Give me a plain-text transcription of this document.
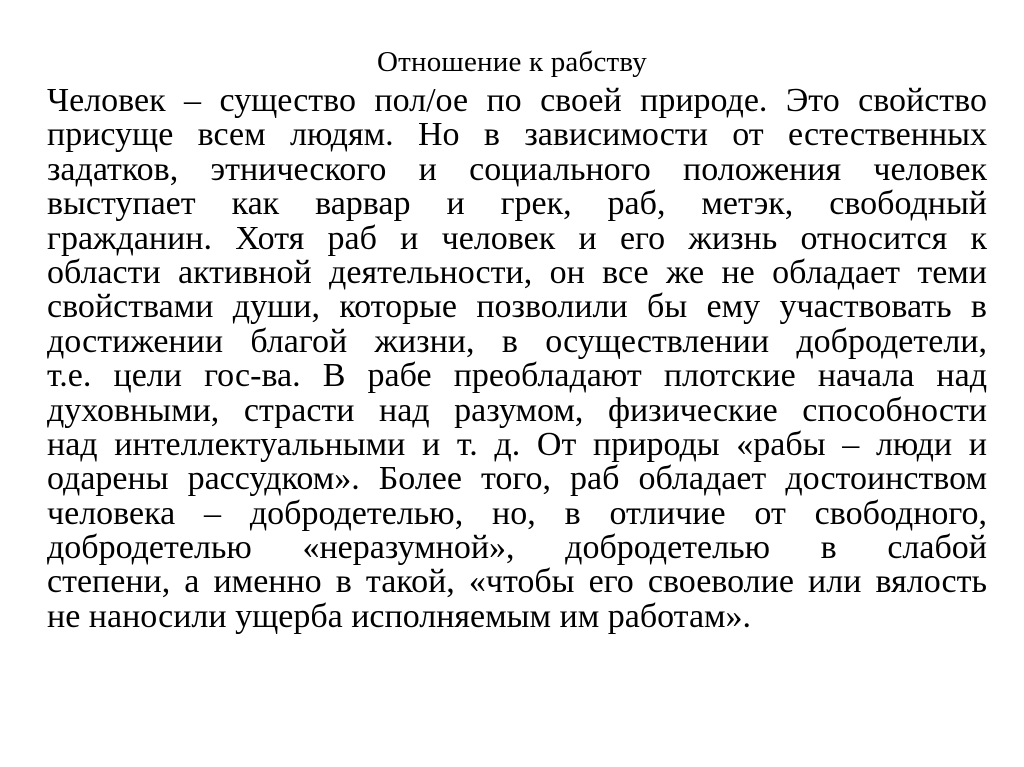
Отношение к рабству
Человек – существо пол/ое по своей природе. Это свойство
присуще всем людям. Но в зависимости от естественных
задатков, этнического и социального положения человек
выступает как варвар и грек, раб, метэк, свободный
гражданин. Хотя раб и человек и его жизнь относится к
области активной деятельности, он все же не обладает теми
свойствами души, которые позволили бы ему участвовать в
достижении благой жизни, в осуществлении добродетели,
т.е. цели гос-ва. В рабе преобладают плотские начала над
духовными, страсти над разумом, физические способности
над интеллектуальными и т. д. От природы «рабы – люди и
одарены рассудком». Более того, раб обладает достоинством
человека – добродетелью, но, в отличие от свободного,
добродетелью «неразумной», добродетелью в слабой
степени, а именно в такой, «чтобы его своеволие или вялость
не наносили ущерба исполняемым им работам».
